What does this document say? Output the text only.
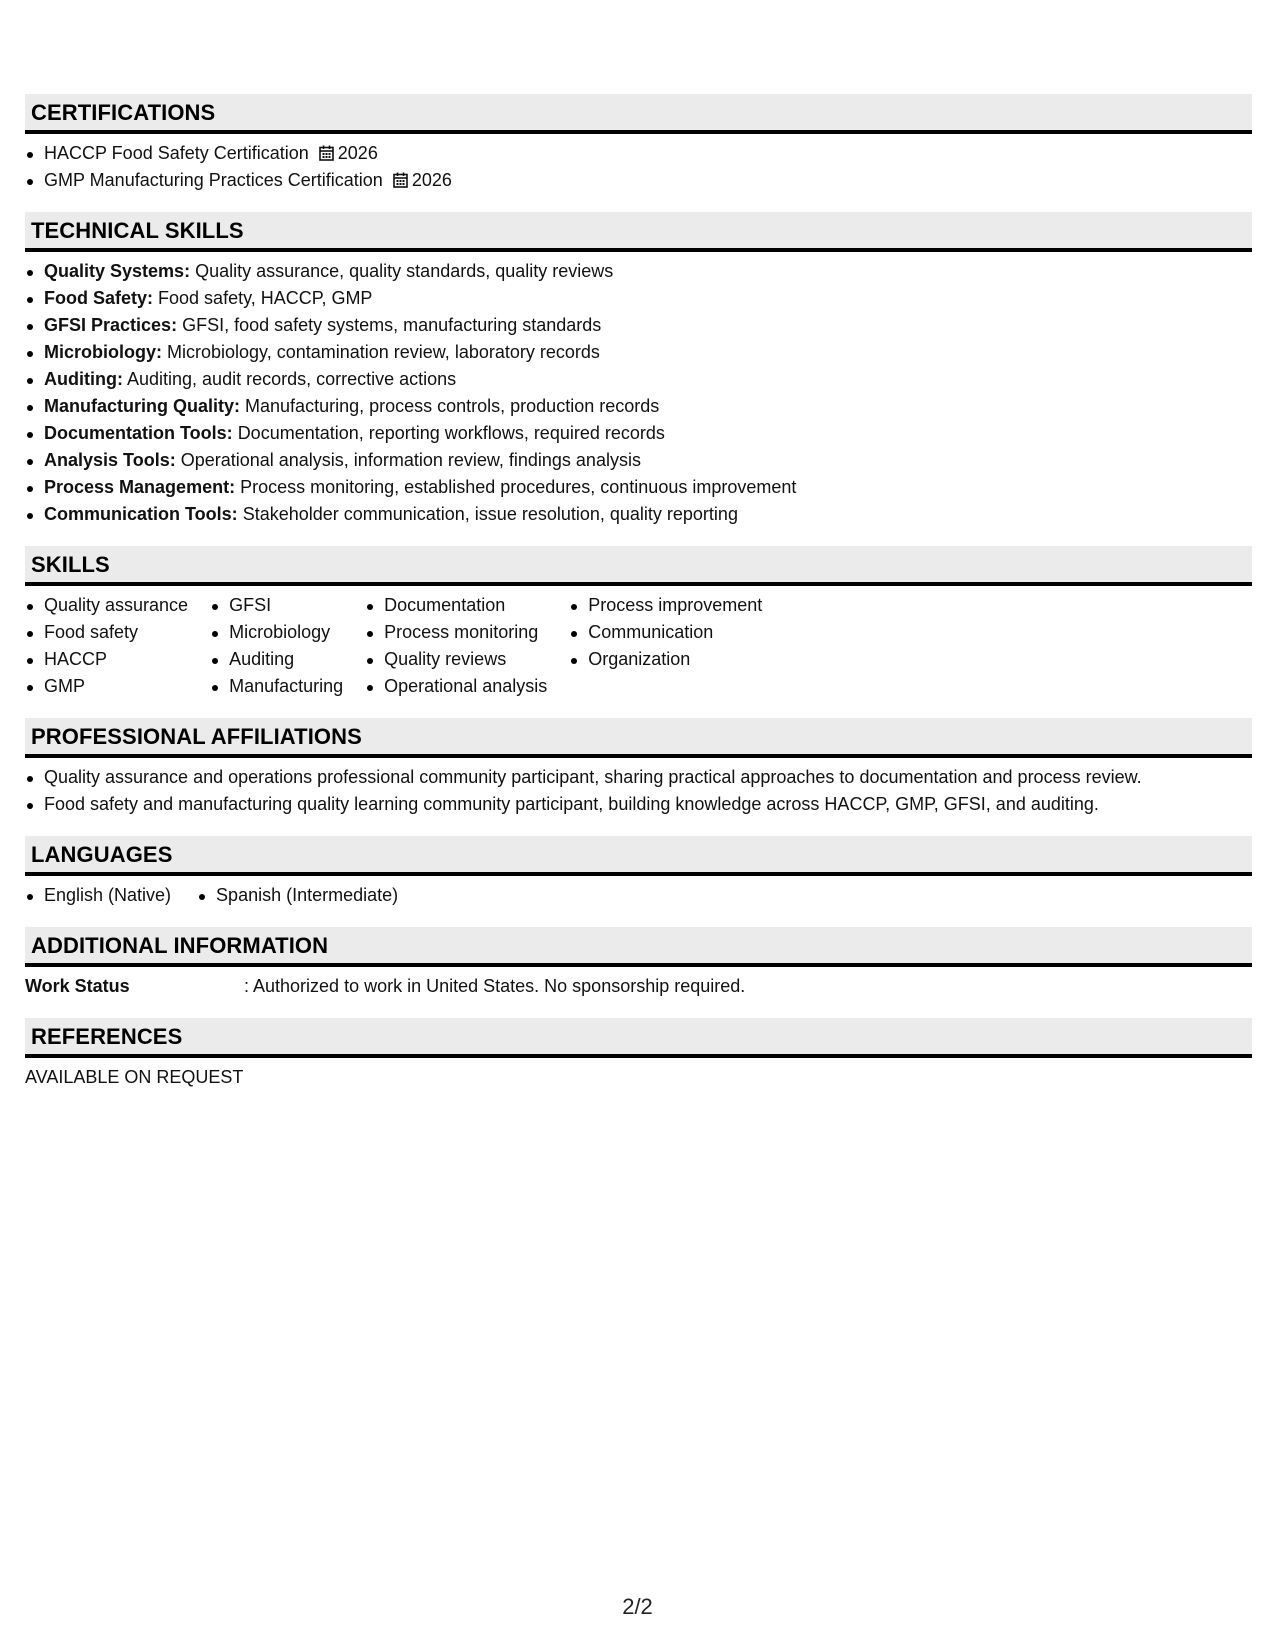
CERTIFICATIONS
HACCP Food Safety Certification 2026
GMP Manufacturing Practices Certification 2026
TECHNICAL SKILLS
Quality Systems: Quality assurance, quality standards, quality reviews
Food Safety: Food safety, HACCP, GMP
GFSI Practices: GFSI, food safety systems, manufacturing standards
Microbiology: Microbiology, contamination review, laboratory records
Auditing: Auditing, audit records, corrective actions
Manufacturing Quality: Manufacturing, process controls, production records
Documentation Tools: Documentation, reporting workflows, required records
Analysis Tools: Operational analysis, information review, findings analysis
Process Management: Process monitoring, established procedures, continuous improvement
Communication Tools: Stakeholder communication, issue resolution, quality reporting
SKILLS
Quality assurance
Food safety
HACCP
GMP
GFSI
Microbiology
Auditing
Manufacturing
Documentation
Process monitoring
Quality reviews
Operational analysis
Process improvement
Communication
Organization
PROFESSIONAL AFFILIATIONS
Quality assurance and operations professional community participant, sharing practical approaches to documentation and process review.
Food safety and manufacturing quality learning community participant, building knowledge across HACCP, GMP, GFSI, and auditing.
LANGUAGES
English (Native)	Spanish (Intermediate)
ADDITIONAL INFORMATION
Work Status	: Authorized to work in United States. No sponsorship required.
REFERENCES
AVAILABLE ON REQUEST
2/2
